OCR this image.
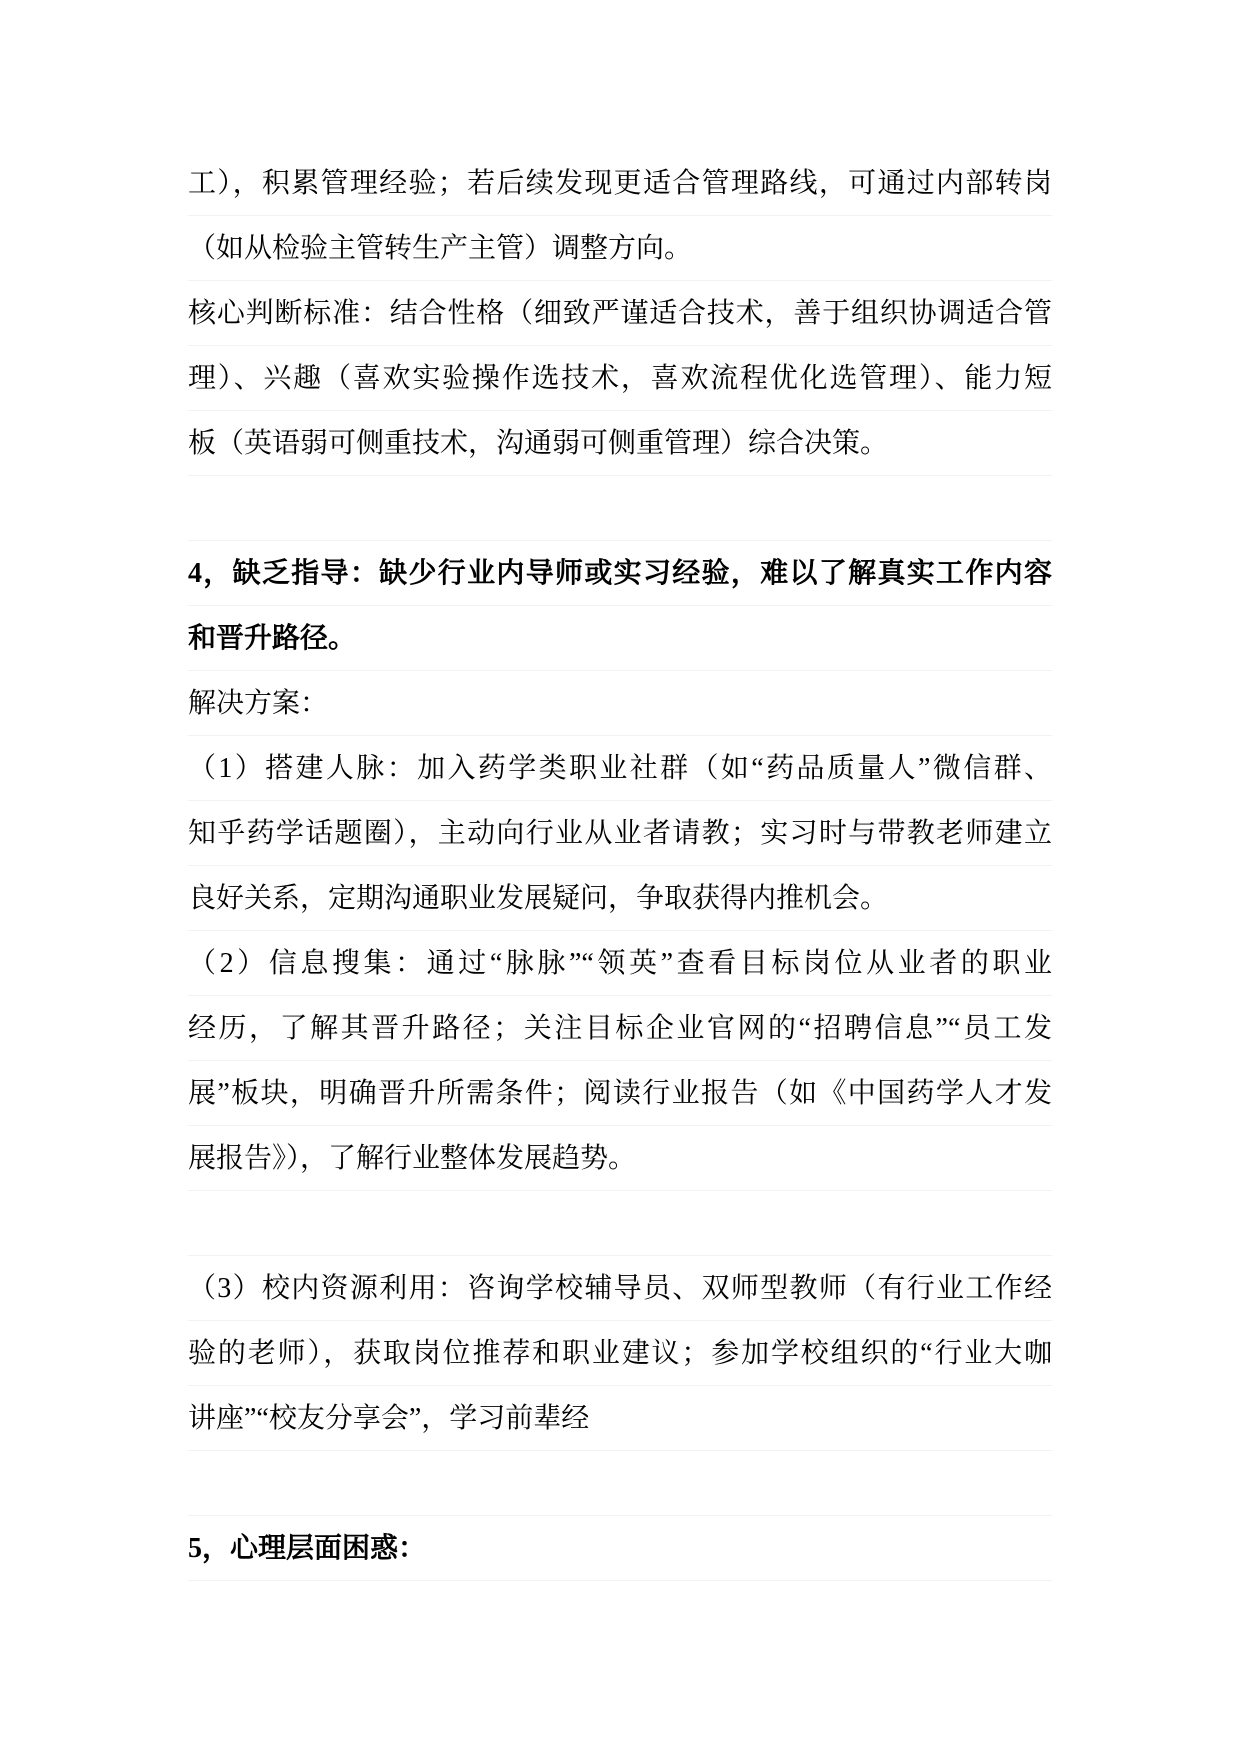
工），积累管理经验；若后续发现更适合管理路线，可通过内部转岗
（如从检验主管转生产主管）调整方向。
核心判断标准：结合性格（细致严谨适合技术，善于组织协调适合管
理）、兴趣（喜欢实验操作选技术，喜欢流程优化选管理）、能力短
板（英语弱可侧重技术，沟通弱可侧重管理）综合决策。
4，缺乏指导：缺少行业内导师或实习经验，难以了解真实工作内容
和晋升路径。
解决方案：
（1）搭建人脉：加入药学类职业社群（如“药品质量人”微信群、
知乎药学话题圈），主动向行业从业者请教；实习时与带教老师建立
良好关系，定期沟通职业发展疑问，争取获得内推机会。
（2）信息搜集：通过“脉脉”“领英”查看目标岗位从业者的职业
经历，了解其晋升路径；关注目标企业官网的“招聘信息”“员工发
展”板块，明确晋升所需条件；阅读行业报告（如《中国药学人才发
展报告》），了解行业整体发展趋势。
（3）校内资源利用：咨询学校辅导员、双师型教师（有行业工作经
验的老师），获取岗位推荐和职业建议；参加学校组织的“行业大咖
讲座”“校友分享会”，学习前辈经
5，心理层面困惑：
